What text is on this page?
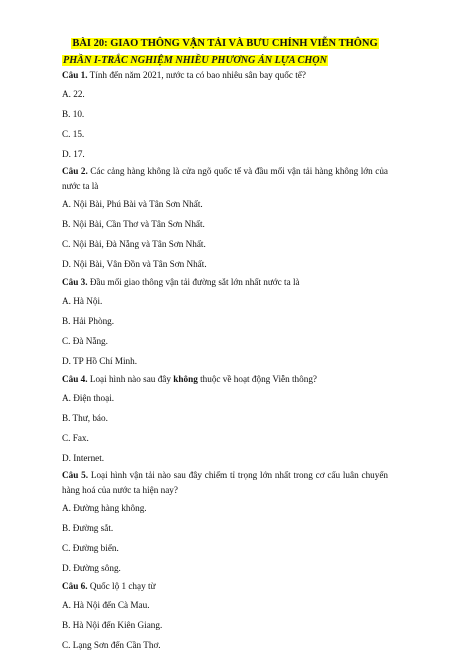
BÀI 20: GIAO THÔNG VẬN TẢI VÀ BƯU CHÍNH VIỄN THÔNG
PHẦN I-TRẮC NGHIỆM NHIỀU PHƯƠNG ÁN LỰA CHỌN
Câu 1. Tính đến năm 2021, nước ta có bao nhiêu sân bay quốc tế?
A. 22.
B. 10.
C. 15.
D. 17.
Câu 2. Các cảng hàng không là cửa ngõ quốc tế và đầu mối vận tải hàng không lớn của nước ta là
A. Nội Bài, Phú Bài và Tân Sơn Nhất.
B. Nội Bài, Cần Thơ và Tân Sơn Nhất.
C. Nội Bài, Đà Nẵng và Tân Sơn Nhất.
D. Nội Bài, Vân Đồn và Tân Sơn Nhất.
Câu 3. Đầu mối giao thông vận tải đường sắt lớn nhất nước ta là
A. Hà Nội.
B. Hải Phòng.
C. Đà Nẵng.
D. TP Hồ Chí Minh.
Câu 4. Loại hình nào sau đây không thuộc về hoạt động Viễn thông?
A. Điện thoại.
B. Thư, báo.
C. Fax.
D. Internet.
Câu 5. Loại hình vận tải nào sau đây chiếm tỉ trọng lớn nhất trong cơ cấu luân chuyển hàng hoá của nước ta hiện nay?
A. Đường hàng không.
B. Đường sắt.
C. Đường biển.
D. Đường sông.
Câu 6. Quốc lộ 1 chạy từ
A. Hà Nội đến Cà Mau.
B. Hà Nội đến Kiên Giang.
C. Lạng Sơn đến Cần Thơ.
